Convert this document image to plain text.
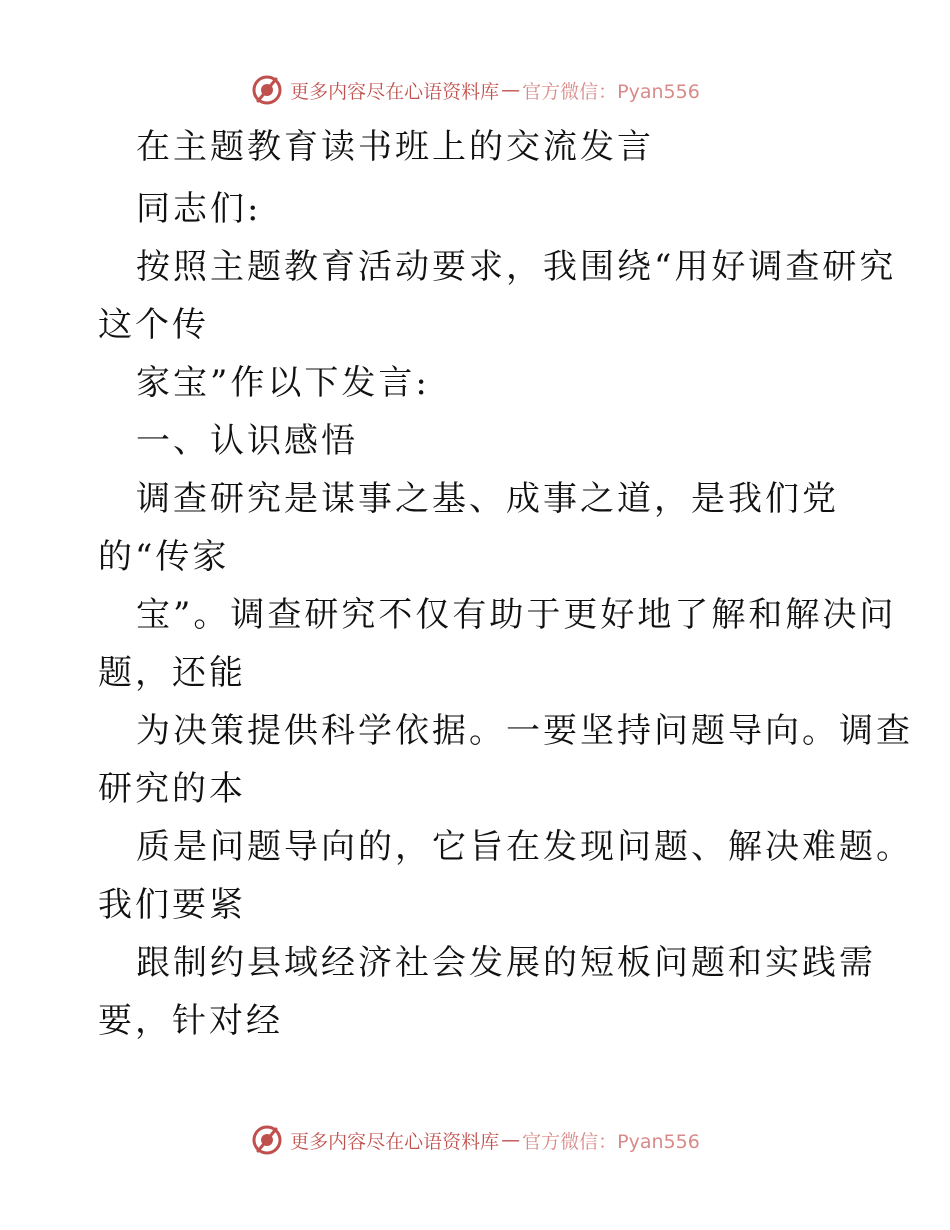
更多内容尽在心语资料库 — 官方微信：Pyan556
在主题教育读书班上的交流发言
同志们:
按照主题教育活动要求，我围绕“用好调查研究
这个传
家宝”作以下发言:
一、认识感悟
调查研究是谋事之基、成事之道，是我们党
的“传家
宝”。调查研究不仅有助于更好地了解和解决问
题，还能
为决策提供科学依据。一要坚持问题导向。调查
研究的本
质是问题导向的，它旨在发现问题、解决难题。
我们要紧
跟制约县域经济社会发展的短板问题和实践需
要，针对经
更多内容尽在心语资料库 — 官方微信：Pyan556
